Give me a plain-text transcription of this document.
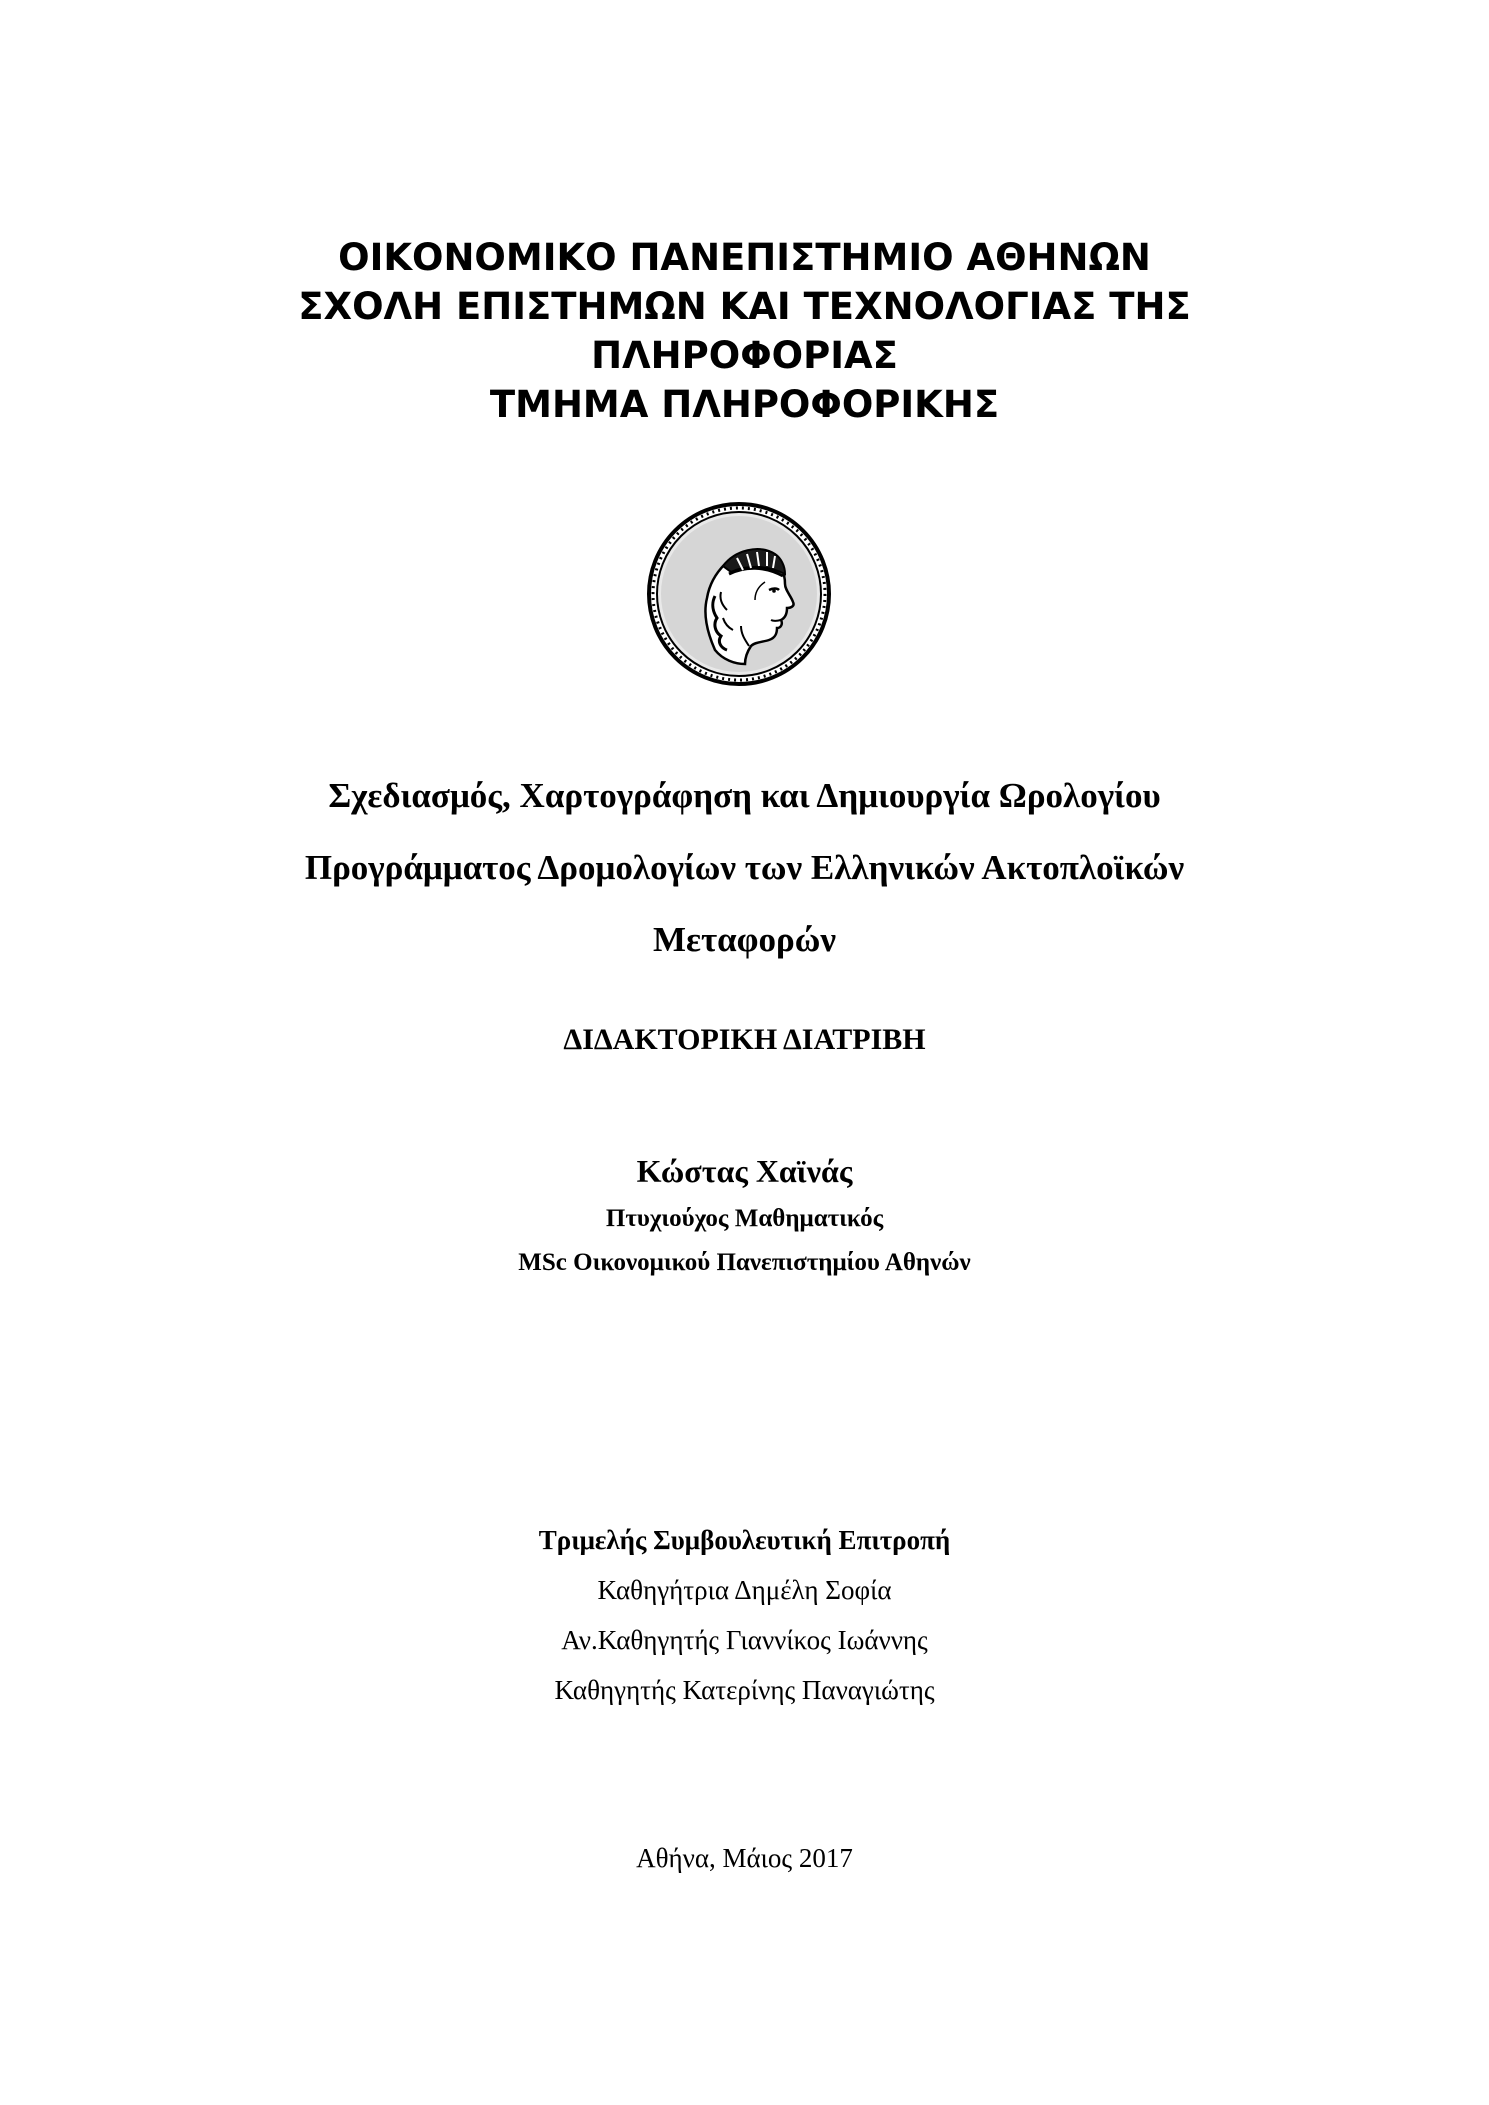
ΟΙΚΟΝΟΜΙΚΟ ΠΑΝΕΠΙΣΤΗΜΙΟ ΑΘΗΝΩΝ
ΣΧΟΛΗ ΕΠΙΣΤΗΜΩΝ ΚΑΙ ΤΕΧΝΟΛΟΓΙΑΣ ΤΗΣ
ΠΛΗΡΟΦΟΡΙΑΣ
ΤΜΗΜΑ ΠΛΗΡΟΦΟΡΙΚΗΣ
Σχεδιασμός, Χαρτογράφηση και Δημιουργία Ωρολογίου
Προγράμματος Δρομολογίων των Ελληνικών Ακτοπλοϊκών
Μεταφορών
ΔΙΔΑΚΤΟΡΙΚΗ ΔΙΑΤΡΙΒΗ
Κώστας Χαϊνάς
Πτυχιούχος Μαθηματικός
MSc Οικονομικού Πανεπιστημίου Αθηνών
Τριμελής Συμβουλευτική Επιτροπή
Καθηγήτρια Δημέλη Σοφία
Αν.Καθηγητής Γιαννίκος Ιωάννης
Καθηγητής Κατερίνης Παναγιώτης
Αθήνα, Μάιος 2017
